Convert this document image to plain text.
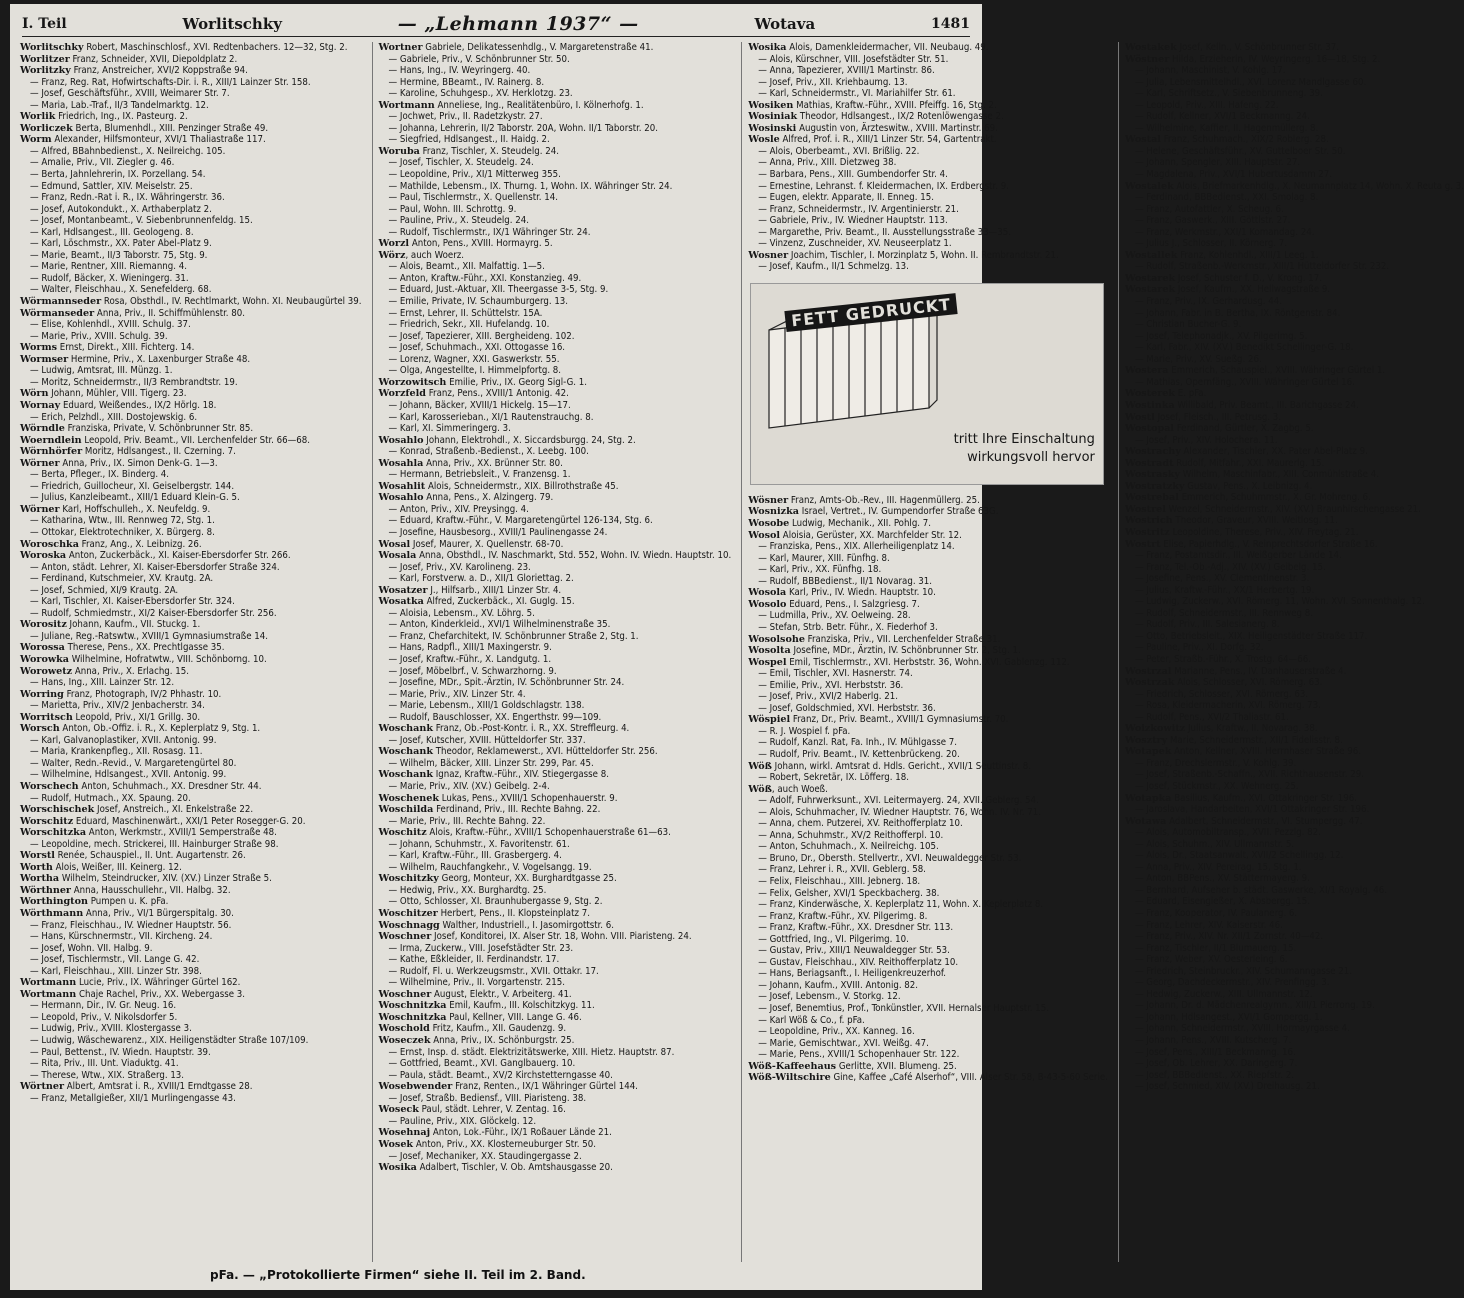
I. Teil	Worlitschky	— „Lehmann 1937“ —	Wotava	1481
Worlitschky Robert, Maschinschlosf., XVI. Redtenbachers. 12—32, Stg. 2.
Worlitzer Franz, Schneider, XVII, Diepoldplatz 2.
Worlitzky Franz, Anstreicher, XVI/2 Koppstraße 94.
— Franz, Reg. Rat, Hofwirtschafts-Dir. i. R., XIII/1 Lainzer Str. 158.
— Josef, Geschäftsführ., XVIII, Weimarer Str. 7.
— Maria, Lab.-Traf., II/3 Tandelmarktg. 12.
Worlik Friedrich, Ing., IX. Pasteurg. 2.
Worliczek Berta, Blumenhdl., XIII. Penzinger Straße 49.
Worm Alexander, Hilfsmonteur, XVI/1 Thaliastraße 117.
— Alfred, BBahnbedienst., X. Neilreichg. 105.
— Amalie, Priv., VII. Ziegler g. 46.
— Berta, Jahnlehrerin, IX. Porzellang. 54.
— Edmund, Sattler, XIV. Meiselstr. 25.
— Franz, Redn.-Rat i. R., IX. Währingerstr. 36.
— Josef, Autokondukt., X. Arthaberplatz 2.
— Josef, Montanbeamt., V. Siebenbrunnenfeldg. 15.
— Karl, Hdlsangest., III. Geologeng. 8.
— Karl, Löschmstr., XX. Pater Abel-Platz 9.
— Marie, Beamt., II/3 Taborstr. 75, Stg. 9.
— Marie, Rentner, XIII. Riemanng. 4.
— Rudolf, Bäcker, X. Wieningerg. 31.
— Walter, Fleischhau., X. Senefelderg. 68.
Wörmannseder Rosa, Obsthdl., IV. Rechtlmarkt, Wohn. XI. Neubaugürtel 39.
Wörmanseder Anna, Priv., II. Schiffmühlenstr. 80.
— Elise, Kohlenhdl., XVIII. Schulg. 37.
— Marie, Priv., XVIII. Schulg. 39.
Worms Ernst, Direkt., XIII. Fichterg. 14.
Wormser Hermine, Priv., X. Laxenburger Straße 48.
— Ludwig, Amtsrat, III. Münzg. 1.
— Moritz, Schneidermstr., II/3 Rembrandtstr. 19.
Wörn Johann, Mühler, VIII. Tigerg. 23.
Wornay Eduard, Weißendes., IX/2 Hörlg. 18.
— Erich, Pelzhdl., XIII. Dostojewskig. 6.
Wörndle Franziska, Private, V. Schönbrunner Str. 85.
Woerndlein Leopold, Priv. Beamt., VII. Lerchenfelder Str. 66—68.
Wörnhörfer Moritz, Hdlsangest., II. Czerning. 7.
Wörner Anna, Priv., IX. Simon Denk-G. 1—3.
— Berta, Pfleger., IX. Binderg. 4.
— Friedrich, Guillocheur, XI. Geiselbergstr. 144.
— Julius, Kanzleibeamt., XIII/1 Eduard Klein-G. 5.
Wörner Karl, Hoffschulleh., X. Neufeldg. 9.
— Katharina, Wtw., III. Rennweg 72, Stg. 1.
— Ottokar, Elektrotechniker, X. Bürgerg. 8.
Woroschka Franz, Ang., X. Leibnizg. 26.
Woroska Anton, Zuckerbäck., XI. Kaiser-Ebersdorfer Str. 266.
— Anton, städt. Lehrer, XI. Kaiser-Ebersdorfer Straße 324.
— Ferdinand, Kutschmeier, XV. Krautg. 2A.
— Josef, Schmied, XI/9 Krautg. 2A.
— Karl, Tischler, XI. Kaiser-Ebersdorfer Str. 324.
— Rudolf, Schmiedmstr., XI/2 Kaiser-Ebersdorfer Str. 256.
Worositz Johann, Kaufm., VII. Stuckg. 1.
— Juliane, Reg.-Ratswtw., XVIII/1 Gymnasiumstraße 14.
Worossa Therese, Pens., XX. Prechtlgasse 35.
Worowka Wilhelmine, Hofratwtw., VIII. Schönborng. 10.
Worowetz Anna, Priv., X. Erlachg. 15.
— Hans, Ing., XIII. Lainzer Str. 12.
Worring Franz, Photograph, IV/2 Phhastr. 10.
— Marietta, Priv., XIV/2 Jenbacherstr. 34.
Worritsch Leopold, Priv., XI/1 Grillg. 30.
Worsch Anton, Ob.-Offiz. i. R., X. Keplerplatz 9, Stg. 1.
— Karl, Galvanoplastiker, XVII. Antonig. 99.
— Maria, Krankenpfleg., XII. Rosasg. 11.
— Walter, Redn.-Revid., V. Margaretengürtel 80.
— Wilhelmine, Hdlsangest., XVII. Antonig. 99.
Worschech Anton, Schuhmach., XX. Dresdner Str. 44.
— Rudolf, Hutmach., XX. Spaung. 20.
Worschischek Josef, Anstreich., XI. Enkelstraße 22.
Worschitz Eduard, Maschinenwärt., XXI/1 Peter Rosegger-G. 20.
Worschitzka Anton, Werkmstr., XVIII/1 Semperstraße 48.
— Leopoldine, mech. Strickerei, III. Hainburger Straße 98.
Worstl Renée, Schauspiel., II. Unt. Augartenstr. 26.
Worth Alois, Weißer, III. Keinerg. 12.
Wortha Wilhelm, Steindrucker, XIV. (XV.) Linzer Straße 5.
Wörthner Anna, Hausschullehr., VII. Halbg. 32.
Worthington Pumpen u. K. pFa.
Wörthmann Anna, Priv., VI/1 Bürgerspitalg. 30.
— Franz, Fleischhau., IV. Wiedner Hauptstr. 56.
— Hans, Kürschnermstr., VII. Kircheng. 24.
— Josef, Wohn. VII. Halbg. 9.
— Josef, Tischlermstr., VII. Lange G. 42.
— Karl, Fleischhau., XIII. Linzer Str. 398.
Wortmann Lucie, Priv., IX. Währinger Gürtel 162.
Wortmann Chaje Rachel, Priv., XX. Webergasse 3.
— Hermann, Dir., IV. Gr. Neug. 16.
— Leopold, Priv., V. Nikolsdorfer 5.
— Ludwig, Priv., XVIII. Klostergasse 3.
— Ludwig, Wäschewarenz., XIX. Heiligenstädter Straße 107/109.
— Paul, Bettenst., IV. Wiedn. Hauptstr. 39.
— Rita, Priv., III. Unt. Viaduktg. 41.
— Therese, Wtw., XIX. Straßerg. 13.
Wörtner Albert, Amtsrat i. R., XVIII/1 Erndtgasse 28.
— Franz, Metallgießer, XII/1 Murlingengasse 43.
Wortner Gabriele, Delikatessenhdlg., V. Margaretenstraße 41.
— Gabriele, Priv., V. Schönbrunner Str. 50.
— Hans, Ing., IV. Weyringerg. 40.
— Hermine, BBeamt., IV. Rainerg. 8.
— Karoline, Schuhgesp., XV. Herklotzg. 23.
Wortmann Anneliese, Ing., Realitätenbüro, I. Kölnerhofg. 1.
— Jochwet, Priv., II. Radetzkystr. 27.
— Johanna, Lehrerin, II/2 Taborstr. 20A, Wohn. II/1 Taborstr. 20.
— Siegfried, Hdlsangest., II. Haidg. 2.
Woruba Franz, Tischler, X. Steudelg. 24.
— Josef, Tischler, X. Steudelg. 24.
— Leopoldine, Priv., XI/1 Mitterweg 355.
— Mathilde, Lebensm., IX. Thurng. 1, Wohn. IX. Währinger Str. 24.
— Paul, Tischlermstr., X. Quellenstr. 14.
— Paul, Wohn. III. Schrottg. 9.
— Pauline, Priv., X. Steudelg. 24.
— Rudolf, Tischlermstr., IX/1 Währinger Str. 24.
Worzl Anton, Pens., XVIII. Hormayrg. 5.
Wörz, auch Woerz.
— Alois, Beamt., XII. Malfattig. 1—5.
— Anton, Kraftw.-Führ., XXI. Konstanzieg. 49.
— Eduard, Just.-Aktuar, XII. Theergasse 3-5, Stg. 9.
— Emilie, Private, IV. Schaumburgerg. 13.
— Ernst, Lehrer, II. Schüttelstr. 15A.
— Friedrich, Sekr., XII. Hufelandg. 10.
— Josef, Tapezierer, XIII. Bergheideng. 102.
— Josef, Schuhmach., XXI. Ottogasse 16.
— Lorenz, Wagner, XXI. Gaswerkstr. 55.
— Olga, Angestellte, I. Himmelpfortg. 8.
Worzowitsch Emilie, Priv., IX. Georg Sigl-G. 1.
Worzfeld Franz, Pens., XVIII/1 Antonig. 42.
— Johann, Bäcker, XVIII/1 Hickelg. 15—17.
— Karl, Karosserieban., XI/1 Rautenstrauchg. 8.
— Karl, XI. Simmeringerg. 3.
Wosahlo Johann, Elektrohdl., X. Siccardsburgg. 24, Stg. 2.
— Konrad, Straßenb.-Bedienst., X. Leebg. 100.
Wosahla Anna, Priv., XX. Brünner Str. 80.
— Hermann, Betriebsleit., V. Franzensg. 1.
Wosahlit Alois, Schneidermstr., XIX. Billrothstraße 45.
Wosahlo Anna, Pens., X. Alzingerg. 79.
— Anton, Priv., XIV. Preysingg. 4.
— Eduard, Kraftw.-Führ., V. Margaretengürtel 126-134, Stg. 6.
— Josefine, Hausbesorg., XVIII/1 Paulinengasse 24.
Wosal Josef, Maurer, X. Quellenstr. 68-70.
Wosala Anna, Obsthdl., IV. Naschmarkt, Std. 552, Wohn. IV. Wiedn. Hauptstr. 10.
— Josef, Priv., XV. Karolineng. 23.
— Karl, Forstverw. a. D., XII/1 Gloriettag. 2.
Wosatzer J., Hilfsarb., XIII/1 Linzer Str. 4.
Wosatka Alfred, Zuckerbäck., XI. Guglg. 15.
— Aloisia, Lebensm., XV. Löhrg. 5.
— Anton, Kinderkleid., XVI/1 Wilhelminenstraße 35.
— Franz, Chefarchitekt, IV. Schönbrunner Straße 2, Stg. 1.
— Hans, Radpfl., XIII/1 Maxingerstr. 9.
— Josef, Kraftw.-Führ., X. Landgutg. 1.
— Josef, Möbelbrf., V. Schwarzhorng. 9.
— Josefine, MDr., Spit.-Ärztin, IV. Schönbrunner Str. 24.
— Marie, Priv., XIV. Linzer Str. 4.
— Marie, Lebensm., XIII/1 Goldschlagstr. 138.
— Rudolf, Bauschlosser, XX. Engerthstr. 99—109.
Woschank Franz, Ob.-Post-Kontr. i. R., XX. Streffleurg. 4.
— Josef, Kutscher, XVIII. Hütteldorfer Str. 337.
Woschank Theodor, Reklamewerst., XVI. Hütteldorfer Str. 256.
— Wilhelm, Bäcker, XIII. Linzer Str. 299, Par. 45.
Woschank Ignaz, Kraftw.-Führ., XIV. Stiegergasse 8.
— Marie, Priv., XIV. (XV.) Geibelg. 2-4.
Woschenek Lukas, Pens., XVIII/1 Schopenhauerstr. 9.
Woschilda Ferdinand, Priv., III. Rechte Bahng. 22.
— Marie, Priv., III. Rechte Bahng. 22.
Woschitz Alois, Kraftw.-Führ., XVIII/1 Schopenhauerstraße 61—63.
— Johann, Schuhmstr., X. Favoritenstr. 61.
— Karl, Kraftw.-Führ., III. Grasbergerg. 4.
— Wilhelm, Rauchfangkehr., V. Vogelsangg. 19.
Woschitzky Georg, Monteur, XX. Burghardtgasse 25.
— Hedwig, Priv., XX. Burghardtg. 25.
— Otto, Schlosser, XI. Braunhubergasse 9, Stg. 2.
Woschitzer Herbert, Pens., II. Klopsteinplatz 7.
Woschnagg Walther, Industriell., I. Jasomirgottstr. 6.
Woschner Josef, Konditorei, IX. Alser Str. 18, Wohn. VIII. Piaristeng. 24.
— Irma, Zuckerw., VIII. Josefstädter Str. 23.
— Kathe, Eßkleider, II. Ferdinandstr. 17.
— Rudolf, Fl. u. Werkzeugsmstr., XVII. Ottakr. 17.
— Wilhelmine, Priv., II. Vorgartenstr. 215.
Woschner August, Elektr., V. Arbeiterg. 41.
Woschnitzka Emil, Kaufm., III. Kolschitzkyg. 11.
Woschnitzka Paul, Kellner, VIII. Lange G. 46.
Woschold Fritz, Kaufm., XII. Gaudenzg. 9.
Woseczek Anna, Priv., IX. Schönburgstr. 25.
— Ernst, Insp. d. städt. Elektrizitätswerke, XIII. Hietz. Hauptstr. 87.
— Gottfried, Beamt., XVI. Ganglbauerg. 10.
— Paula, städt. Beamt., XV/2 Kirchstetterngasse 40.
Wosebwender Franz, Renten., IX/1 Währinger Gürtel 144.
— Josef, Straßb. Bediensf., VIII. Piaristeng. 38.
Woseck Paul, städt. Lehrer, V. Zentag. 16.
— Pauline, Priv., XIX. Glöckelg. 12.
Wosehnaj Anton, Lok.-Führ., IX/1 Roßauer Lände 21.
Wosek Anton, Priv., XX. Klosterneuburger Str. 50.
— Josef, Mechaniker, XX. Staudingergasse 2.
Wosika Adalbert, Tischler, V. Ob. Amtshausgasse 20.
Wosika Alois, Damenkleidermacher, VII. Neubaug. 49.
— Alois, Kürschner, VIII. Josefstädter Str. 51.
— Anna, Tapezierer, XVIII/1 Martinstr. 86.
— Josef, Priv., XII. Kriehbaumg. 13.
— Karl, Schneidermstr., VI. Mariahilfer Str. 61.
Wosiken Mathias, Kraftw.-Führ., XVIII. Pfeiffg. 16, Stg. 2.
Wosiniak Theodor, Hdlsangest., IX/2 Rotenlöwengasse 2.
Wosinski Augustin von, Ärzteswitw., XVIII. Martinstr. 69.
Wosle Alfred, Prof. i. R., XIII/1 Linzer Str. 54, Gartentrakt.
— Alois, Oberbeamt., XVI. Brißlig. 22.
— Anna, Priv., XIII. Dietzweg 38.
— Barbara, Pens., XIII. Gumbendorfer Str. 4.
— Ernestine, Lehranst. f. Kleidermachen, IX. Erdbergstr. 9.
— Eugen, elektr. Apparate, II. Enneg. 15.
— Franz, Schneidermstr., IV. Argentinierstr. 21.
— Gabriele, Priv., IV. Wiedner Hauptstr. 113.
— Margarethe, Priv. Beamt., II. Ausstellungsstraße 33—35.
— Vinzenz, Zuschneider, XV. Neuseerplatz 1.
Wosner Joachim, Tischler, I. Morzinplatz 5, Wohn. II. Rembrandtstr. 21.
— Josef, Kaufm., II/1 Schmelzg. 13.
FETT GEDRUCKT
tritt Ihre Einschaltung
wirkungsvoll hervor
Wösner Franz, Amts-Ob.-Rev., III. Hagenmüllerg. 25.
Wosnizka Israel, Vertret., IV. Gumpendorfer Straße 63G.
Wosobe Ludwig, Mechanik., XII. Pohlg. 7.
Wosol Aloisia, Gerüster, XX. Marchfelder Str. 12.
— Franziska, Pens., XIX. Allerheiligenplatz 14.
— Karl, Maurer, XIII. Fünfhg. 8.
— Karl, Priv., XX. Fünfhg. 18.
— Rudolf, BBBedienst., II/1 Novarag. 31.
Wosola Karl, Priv., IV. Wiedn. Hauptstr. 10.
Wosolo Eduard, Pens., I. Salzgriesg. 7.
— Ludmilla, Priv., XV. Oelweing. 28.
— Stefan, Strb. Betr. Führ., X. Fiederhof 3.
Wosolsohe Franziska, Priv., VII. Lerchenfelder Straße 31.
Wosolta Josefine, MDr., Ärztin, IV. Schönbrunner Str. 2, Stg. 1.
Wospel Emil, Tischlermstr., XVI. Herbststr. 36, Wohn. XVI. Gablenzg. 112.
— Emil, Tischler, XVI. Hasnerstr. 74.
— Emilie, Priv., XVI. Herbststr. 36.
— Josef, Priv., XVI/2 Haberlg. 21.
— Josef, Goldschmied, XVI. Herbststr. 36.
Wöspiel Franz, Dr., Priv. Beamt., XVIII/1 Gymnasiumstr. 70.
— R. J. Wospiel f. pFa.
— Rudolf, Kanzl. Rat, Fa. Inh., IV. Mühlgasse 7.
— Rudolf, Priv. Beamt., IV. Kettenbrückeng. 20.
Wöß Johann, wirkl. Amtsrat d. Hdls. Gericht., XVII/1 Seuttinstr. 8.
— Robert, Sekretär, IX. Löfferg. 18.
Wöß, auch Woeß.
— Adolf, Fuhrwerksunt., XVI. Leitermayerg. 24, XVII. Geblerg. 54.
— Alois, Schuhmacher, IV. Wiedner Hauptstr. 76, Wohn. IV. Nr. 71.
— Anna, chem. Putzerei, XV. Reithofferplatz 10.
— Anna, Schuhmstr., XV/2 Reithofferpl. 10.
— Anton, Schuhmach., X. Neilreichg. 105.
— Bruno, Dr., Obersth. Stellvertr., XVI. Neuwaldegger Str. 53.
— Franz, Lehrer i. R., XVII. Geblerg. 58.
— Felix, Fleischhau., XIII. Jebnerg. 18.
— Felix, Gelsher, XVI/1 Speckbacherg. 38.
— Franz, Kinderwäsche, X. Keplerplatz 11, Wohn. X. Keplerplatz 8.
— Franz, Kraftw.-Führ., XV. Pilgerimg. 8.
— Franz, Kraftw.-Führ., XX. Dresdner Str. 113.
— Gottfried, Ing., VI. Pilgerimg. 10.
— Gustav, Priv., XIII/1 Neuwaldegger Str. 53.
— Gustav, Fleischhau., XIV. Reithofferplatz 10.
— Hans, Beriagsanft., I. Heiligenkreuzerhof.
— Johann, Kaufm., XVIII. Antonig. 82.
— Josef, Lebensm., V. Storkg. 12.
— Josef, Benemtius, Prof., Tonkünstler, XVII. Hernalser Hauptstr. 15.
— Karl Wöß & Co., f. pFa.
— Leopoldine, Priv., XX. Kanneg. 16.
— Marie, Gemischtwar., XVI. Weißg. 47.
— Marie, Pens., XVIII/1 Schopenhauer Str. 122.
Wöß-Kaffeehaus Gerlitte, XVII. Blumeng. 25.
Wöß-Wiltschire Gine, Kaffee „Café Alserhof“, VIII. Alser Str. 58, B-43-5-60 Serie.
Wostakek Josef, Kelln., V. Schönbrunner Str. 37.
Wöstner Hilda, Erzieherin, IV. Weyringerg. 16—18, Stg. 2.
— Johann, Maschinist, V. Kohlg. 17.
— Julia, Lebensmittelhdl., XVI. Lorenz Mandlgasse 60.
— Karl, Schriftsetz., V. Siebenbrunneng. 39.
— Leopold, Priv., XIII. Hafeng. 22.
— Rudolf, Kellner, XVI/1 Beckmanng. 24.
— Wilhelmine, Kaffier, II. Hagenmüllerg. 8.
Wostal Franz, Schuhmach., XIX/2 Roblerg. 28.
— Helene, Geschäftsführ., XV. Guttelboer Str. 50.
— Johann, Spengler, XIII. Hauptstr. 27.
— Magdalena, Priv., XVI/1 Hubertusdamm 27.
Wostalek Alois, Briefmarkenhdlg., X. Neumannplatz 14, Wohn. X. Reuta g. 3.
— Ferdinand, BBBedienst., XXI. Smolag. 8.
— Franz, Autofattler, X. Scheug. 6.
— Franz, Gaswerk., XIII. Göttlstr. 27.
— Franz, Werkmstr., XXI/1 Komandag. 24.
— Julius J., Schlosser, II. Körnerg. 7.
Wostallek Franz, Kohlenhdl., XIII/1 Leeg. 1.
— Rudolf, Straßenb.-Werkmstr., XIII/1 Hütteldorfer Str. 232.
Wostarek Josef, Schuster f. D., V. Krong. 17.
Wostarek Josef, Kaufm., XX. Hellwagstraße 9.
— Franz, Priv., IX. Gerhardusg. 44.
— Johann, Fabr. in B. Bertha, IX. Röntgenstr. 84.
— Christian Bucher-G. 9.
— Josef, Telephonadjk., XV. Pilgerimg. 5.
— Karl, Fabr., XIV. (XV.) Benedikt Schellinger-G. 18.
— Marie, Priv., XV. Sueßg. 26.
Wostera Emmerich, Schauspiel., XVIII. Währinger Gürtel 1.
— Mathias, Opernfäng., XVIII. Währinger Gürtel 16.
Wosterek E. pFa.
Wostinka Willibald, Priv. Beamt., III. Barichgasse 24.
Wostl Josef, Fleisch., III. Petrusg. 3.
Wostopal Ferdinand, Gürtler, X. Zagbg. 5.
— Josef, Priv., XIV. Holochera. 11.
Wostrachy Alexander, Tischler, XX. Pater Abel-Platz 9.
Wostradt Rudolf, Mitfahr., XXI. Maurerlg. 15.
Wostrasky Wilhelm, Maschinfabr., XIII. Conmühlstraße 4.
Wostratzky Gustav, Pens., X. Leibnizg. 4.
Wostrebal Emmerich, Schuhmmstr., X. Gr. Mohreng. 6.
Wostrel Wenzel, Schneidermstr., XIV. (XV.) Braunhirschengasse 21.
Wostrich Theodor, Graveur, XVIII. Weitlosg. 11.
Wostritz Leopoldine, Therese, Priv., XIV. Freytag. 21.
Wostrt Elise, Papierhdlg., V. Reinprechtsdorfer Straße 16.
— Franz, Postamtsdir., III. Weißgerber Lände 14.
— Franz, Tel.-Ob.-Adj., XIV. (XV.) Geibelg. 15.
— Josefine, Pens., XV. Clementinenstr. 3.
— Julius, Kraftw.-Führ., XX/1 Herbertg. 19.
— Ludwig, Zuckerw., XVI. Römerg. 11, Wohn. XVI. Sonnenthalg. 12.
— Rudolf, Schneidermstr., III. Rennweg 8.
— Rudolf, Priv., III. Salesianerg. 8.
— Otto, Betriebsleit., XIX. Heiligenstädter Straße 117.
— Pauline, Priv., XI. Dorfg. 32.
— Peter, Straßb.-Führ., X. Trostg. 64—66.
Wostrzal Marianne, Pens., IV. Danhauserstraße 4.
Wostrzak Alois, Schlosser, XVI. Römerg. 63.
— Friedrich, Schlosser, XVI. Römerg. 63.
— Rosa, Kleidermacherin, XVI. Römerg. 73.
— Rudolf, Pens., XVI/2 Thaliastr. 61.
Woizkowitz Julius, Kraftw., II. Novarag. 38.
Wosztry Marie, Schneidermstr., XII/1 Fidelisstr. 8.
Wotapek Anton, Kellner, XVIII. Herrnhaser Straße 96.
— Franz, Drechslermstr., V. Kohlg. 39.
— Josef, Straßenb.-Schaffn., XVII. Richthausenstr. 29.
— Josef, Stückmstr., XX. Wehnerg. 25.
Wotapka Basilius, Kaufm., XVI. Ottakringer Str. 196.
— Jaroslava, Handarbeiten, XVI/1 Ottakringer Str. 196.
Wotawa Adalbert, Schneidermstr., VI. Stumpergg. 47.
— Alois, Automobiltransp., XVII. Pezzlg. 82.
— Alois, Schuhm., XIV. Ullmannstr. 5.
— Alois, Dr., Staatsanwalt, XVII/2 Schellingg. 12.
— Anna, Priv., XIV. Pereirag. 15, Stg. 1.
— Anton, BBPens., XV. Stättermayerg. 9.
— Bernhard, Aufseher b. städt. Gaswerke, XI/1 Royalg. 46.
— Eduard, Eisengießer, X. Absbergg. 15.
— Franz, Kooperator, IV. Paulanerg. 6.
— Franz, Lehrer, XIV. Kaiserstr. 46.
— Franz, Priv., XIV. Nr. XII/1 Zornstr. 40—42.
— Franz, Tischler, II/1 Blumauerg. 15.
— Franz, Weber, XV. Oesterleing. 6.
— Friedrich, Steinbruckr., XIV. Schumanngasse 21.
— Georg, Dachdeckermstr., XIV. Prenfingg. 3.
— Hedwig, Zuckerw., XIII. Ullmannstr. 12.
— Johann, Dr. d. Mädchenrealgymn., XIII/1 Pierrong. 19.
— Johann, Hdlsangest., XVI/1 Gompergg. 1.
— Johann, Schneidermstr., XVIII. Hormayrgasse 4.
— Johann, Pens., XVIII. Kutscherg. 7.
— Josef, Pens., XIII/1 Beckmanng. 16.
— Josef, Ob. Lehrer, XX. Daringerg. 7.
— Josef, BBBedienst., XX. Riepfstr. 2.
— Josef, Schmied, XIV. (XV.) Dreihausg. 21.
pFa. — „Protokollierte Firmen“ siehe II. Teil im 2. Band.
